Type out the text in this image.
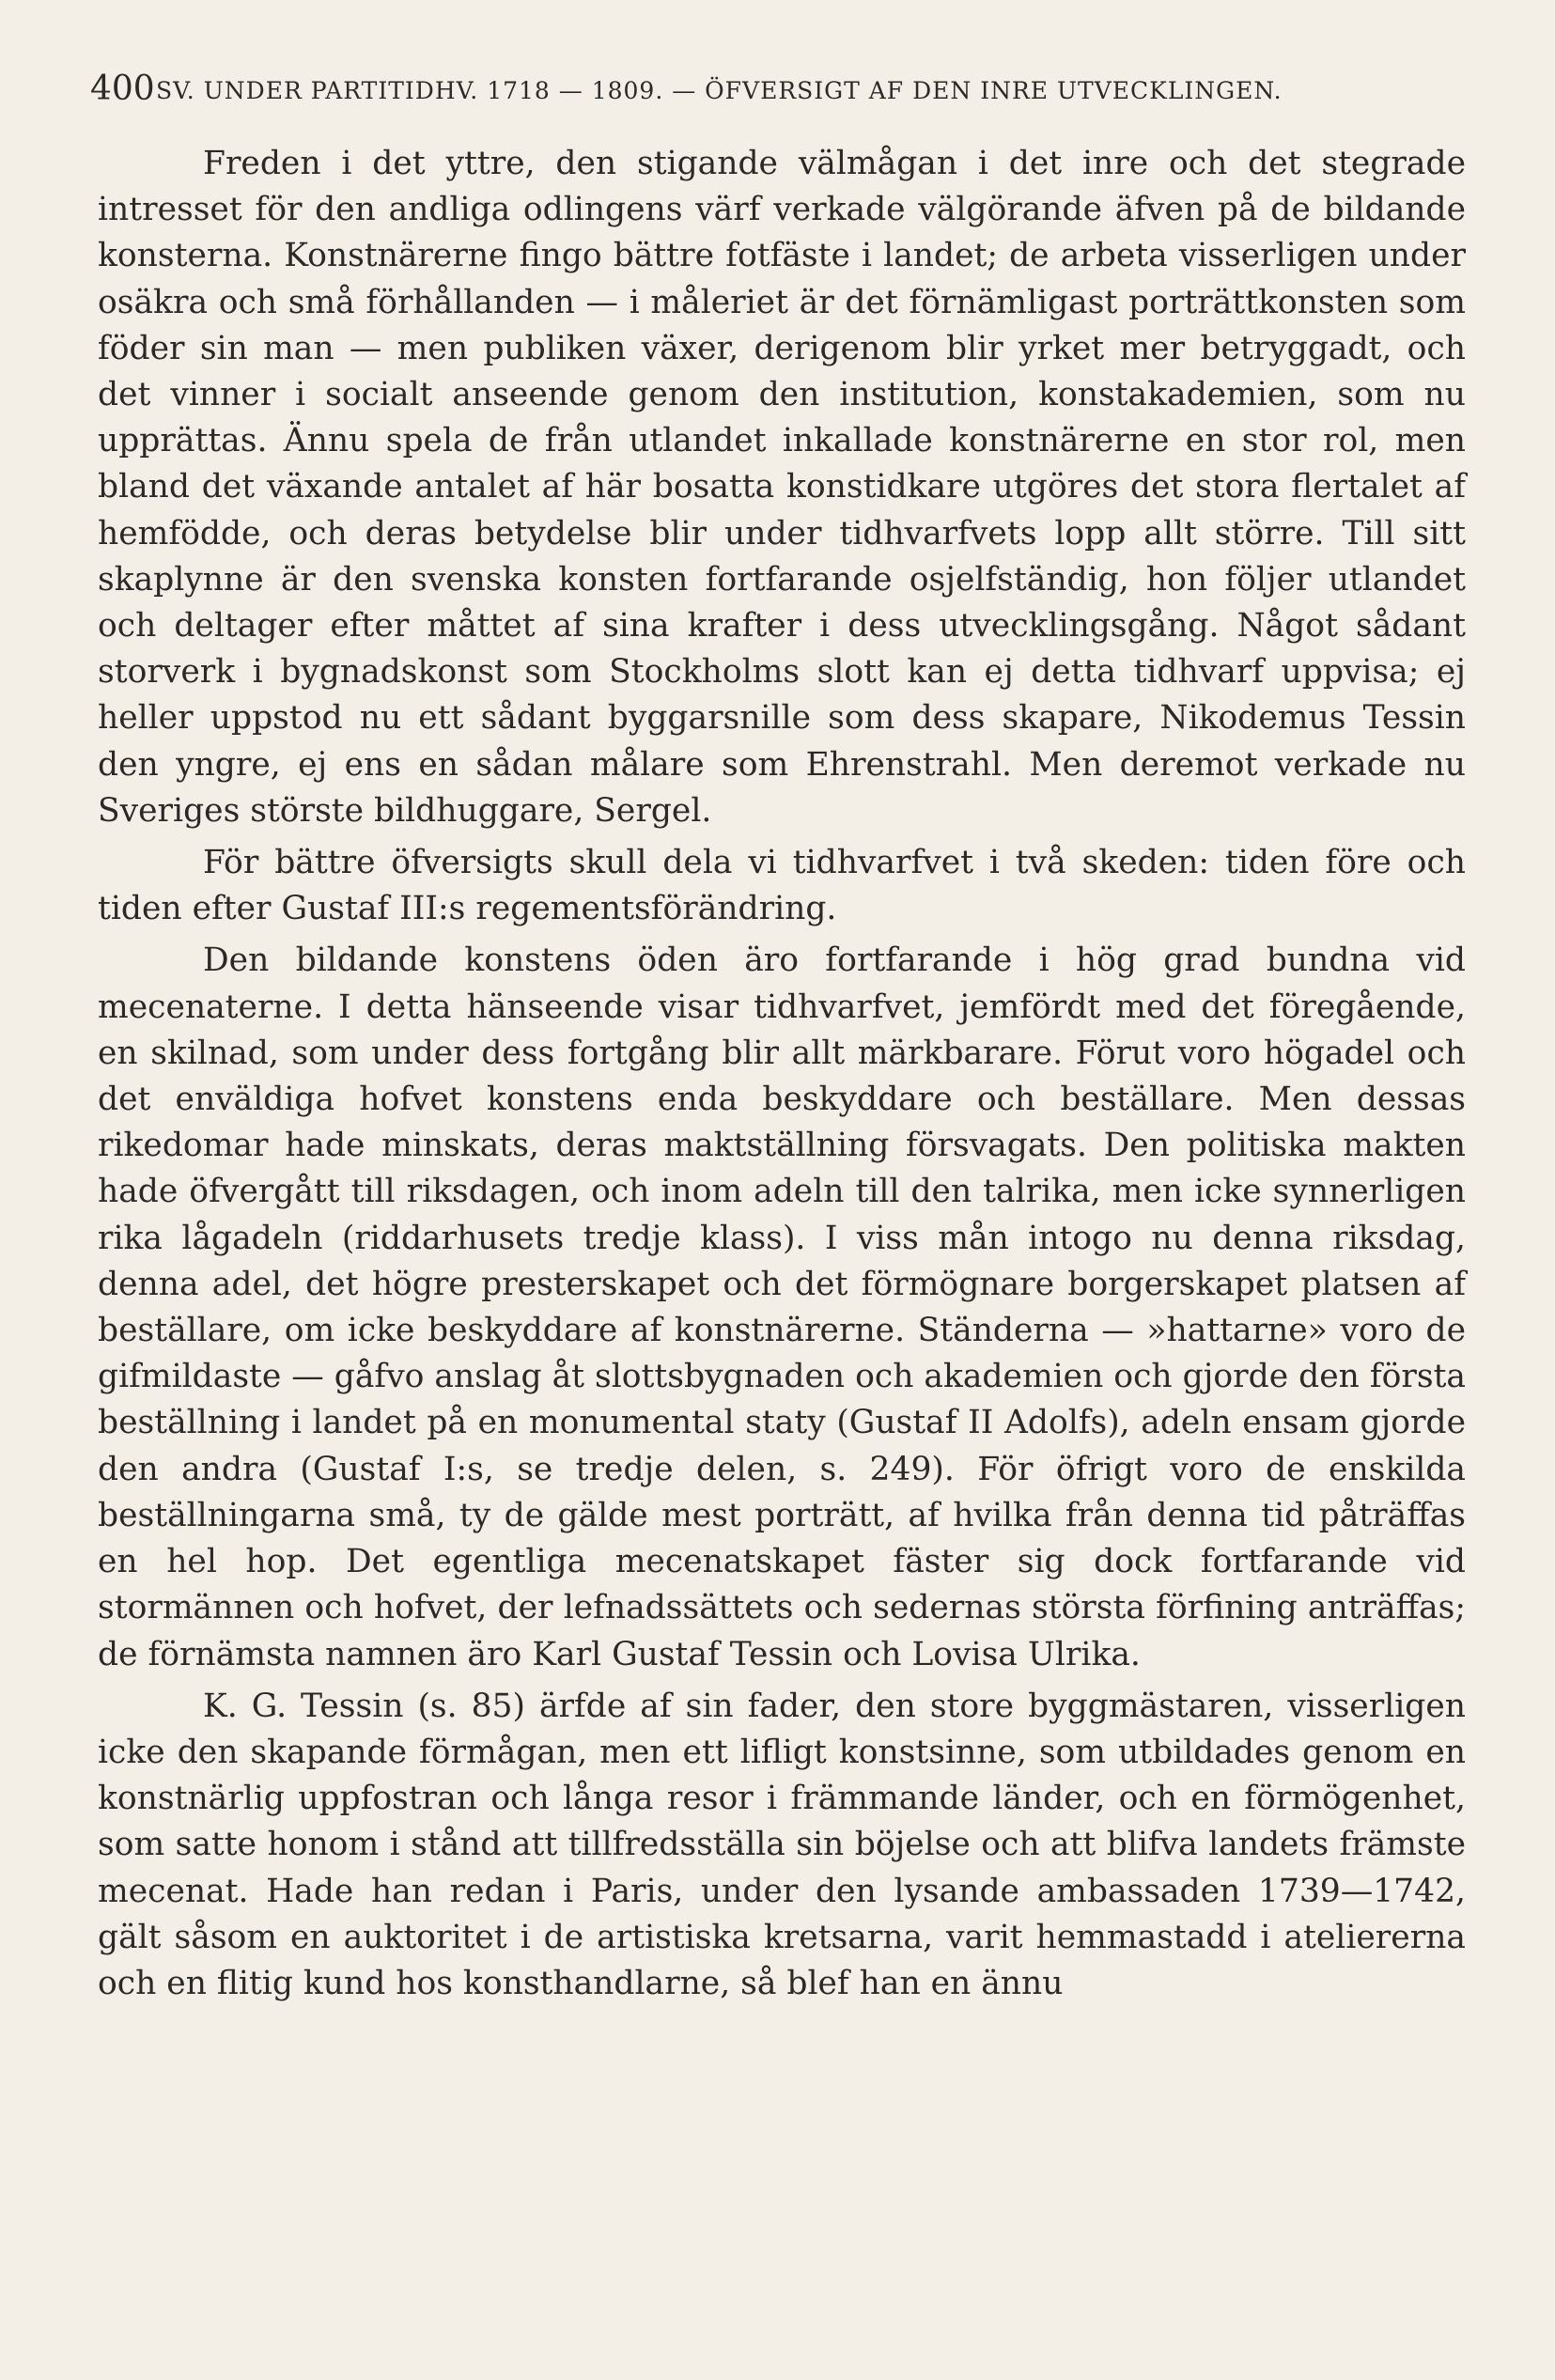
400 SV. UNDER PARTITIDHV. 1718 — 1809. — ÖFVERSIGT AF DEN INRE UTVECKLINGEN.

Freden i det yttre, den stigande välmågan i det inre och det stegrade intresset för den andliga odlingens värf verkade välgörande äfven på de bildande konsterna. Konstnärerne fingo bättre fotfäste i landet; de arbeta visserligen under osäkra och små förhållanden — i måleriet är det förnämligast porträttkonsten som föder sin man — men publiken växer, derigenom blir yrket mer betryggadt, och det vinner i socialt anseende genom den institution, konstakademien, som nu upprättas. Ännu spela de från utlandet inkallade konstnärerne en stor rol, men bland det växande antalet af här bosatta konstidkare utgöres det stora flertalet af hemfödde, och deras betydelse blir under tidhvarfvets lopp allt större. Till sitt skaplynne är den svenska konsten fortfarande osjelfständig, hon följer utlandet och deltager efter måttet af sina krafter i dess utvecklingsgång. Något sådant storverk i bygnadskonst som Stockholms slott kan ej detta tidhvarf uppvisa; ej heller uppstod nu ett sådant byggarsnille som dess skapare, Nikodemus Tessin den yngre, ej ens en sådan målare som Ehrenstrahl. Men deremot verkade nu Sveriges störste bildhuggare, Sergel.

För bättre öfversigts skull dela vi tidhvarfvet i två skeden: tiden före och tiden efter Gustaf III:s regementsförändring.

Den bildande konstens öden äro fortfarande i hög grad bundna vid mecenaterne. I detta hänseende visar tidhvarfvet, jemfördt med det föregående, en skilnad, som under dess fortgång blir allt märkbarare. Förut voro högadel och det enväldiga hofvet konstens enda beskyddare och beställare. Men dessas rikedomar hade minskats, deras maktställning försvagats. Den politiska makten hade öfvergått till riksdagen, och inom adeln till den talrika, men icke synnerligen rika lågadeln (riddarhusets tredje klass). I viss mån intogo nu denna riksdag, denna adel, det högre presterskapet och det förmögnare borgerskapet platsen af beställare, om icke beskyddare af konstnärerne. Ständerna — »hattarne» voro de gifmildaste — gåfvo anslag åt slottsbygnaden och akademien och gjorde den första beställning i landet på en monumental staty (Gustaf II Adolfs), adeln ensam gjorde den andra (Gustaf I:s, se tredje delen, s. 249). För öfrigt voro de enskilda beställningarna små, ty de gälde mest porträtt, af hvilka från denna tid påträffas en hel hop. Det egentliga mecenatskapet fäster sig dock fortfarande vid stormännen och hofvet, der lefnadssättets och sedernas största förfining anträffas; de förnämsta namnen äro Karl Gustaf Tessin och Lovisa Ulrika.

K. G. Tessin (s. 85) ärfde af sin fader, den store byggmästaren, visserligen icke den skapande förmågan, men ett lifligt konstsinne, som utbildades genom en konstnärlig uppfostran och långa resor i främmande länder, och en förmögenhet, som satte honom i stånd att tillfredsställa sin böjelse och att blifva landets främste mecenat. Hade han redan i Paris, under den lysande ambassaden 1739—1742, gält såsom en auktoritet i de artistiska kretsarna, varit hemmastadd i ateliererna och en flitig kund hos konsthandlarne, så blef han en ännu
